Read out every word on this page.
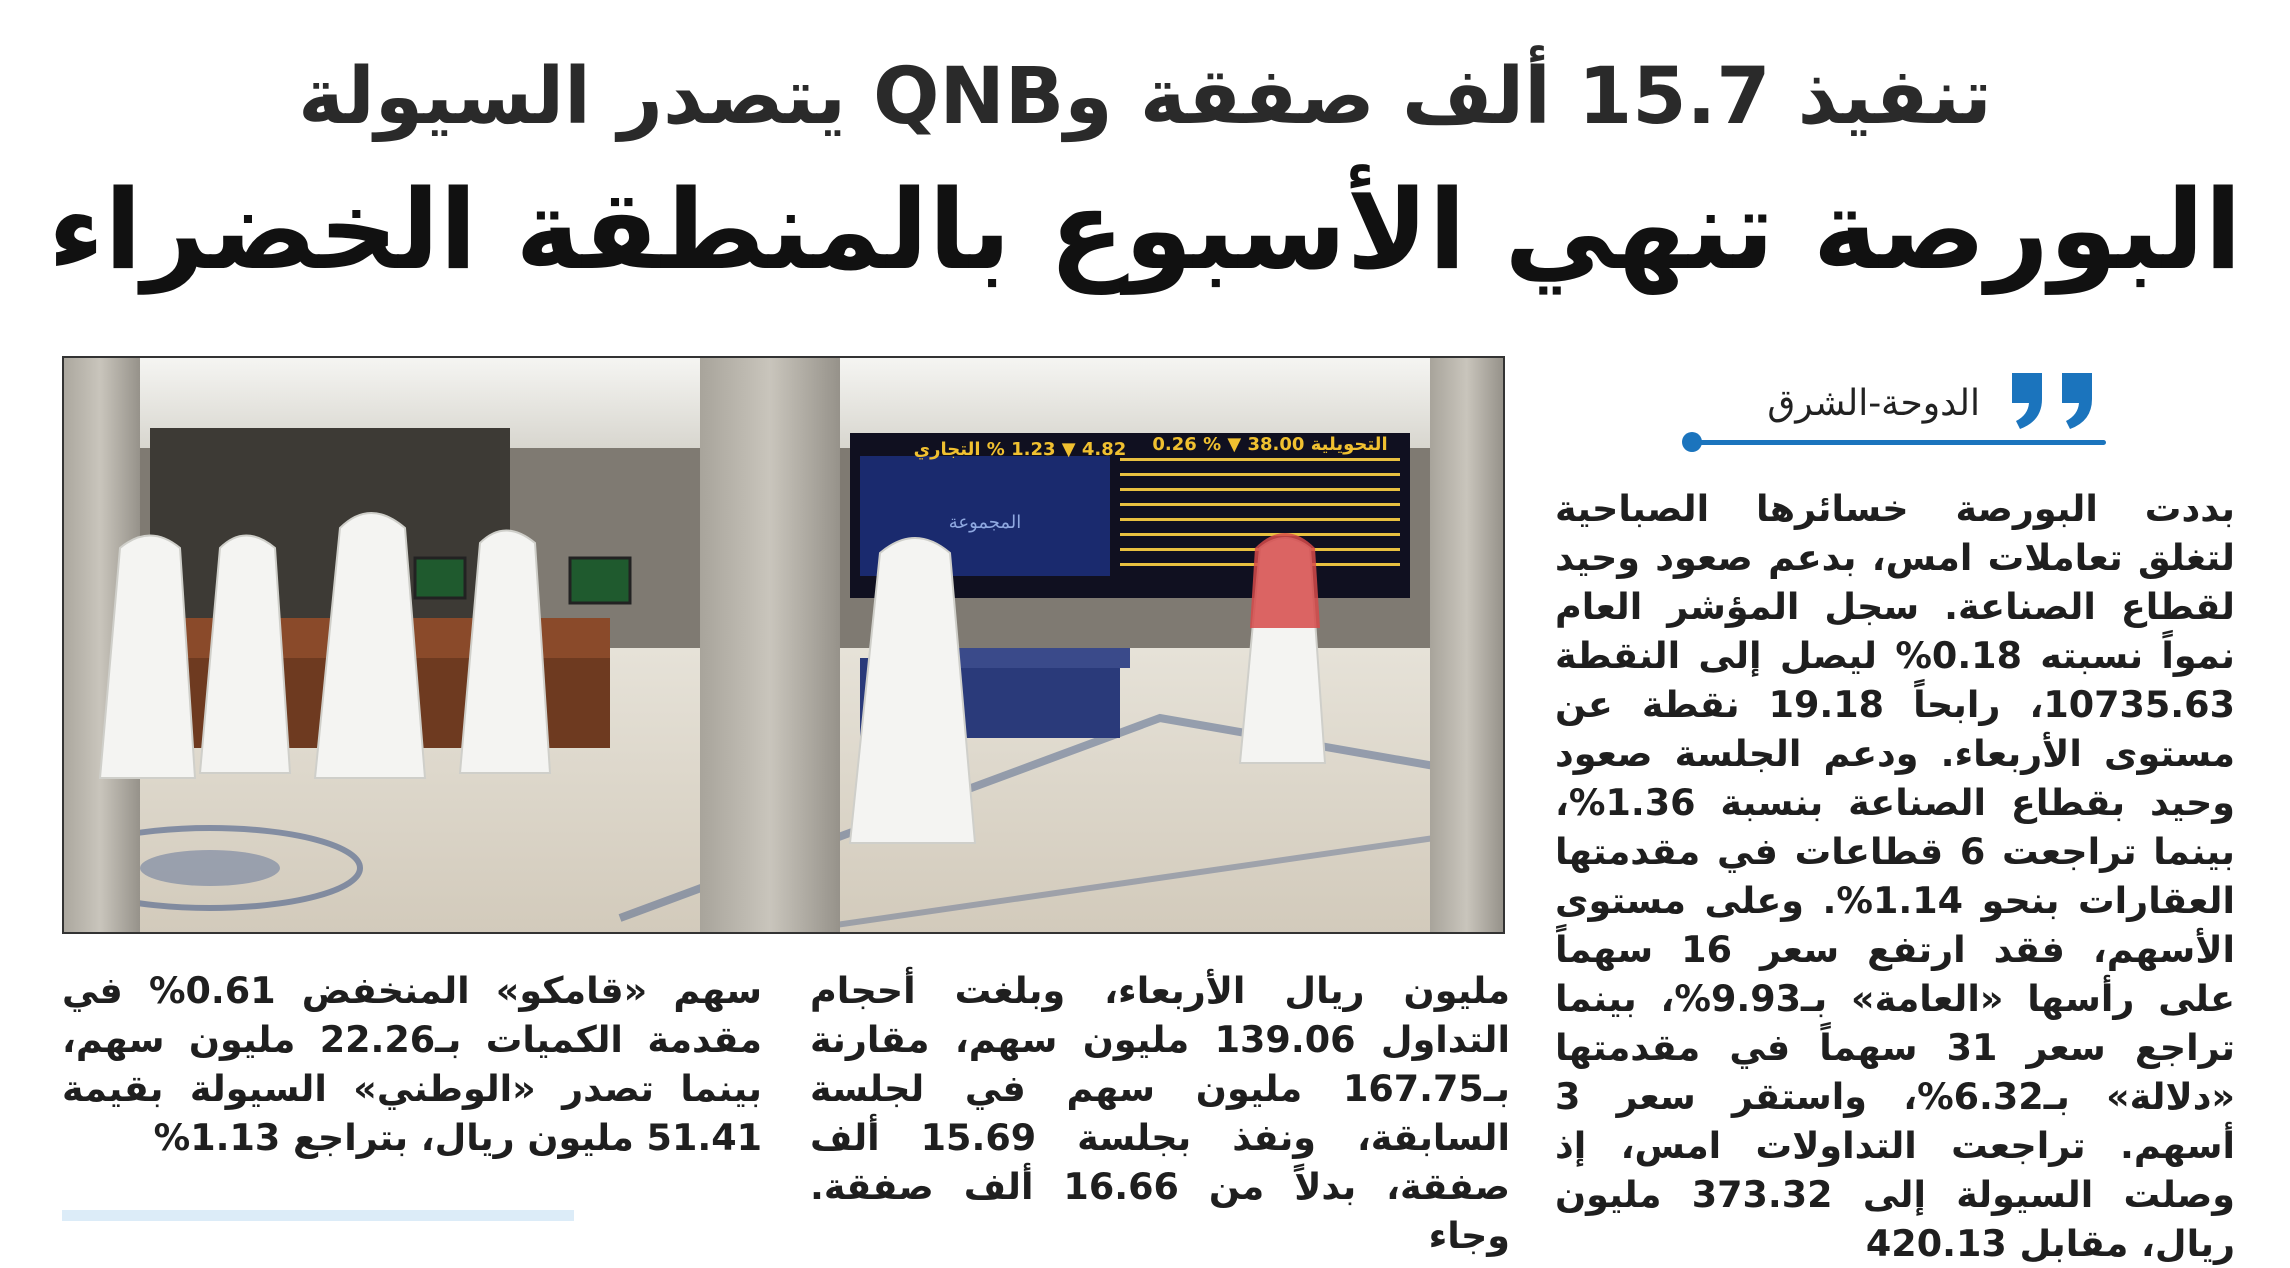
تنفيذ 15.7 ألف صفقة وQNB يتصدر السيولة
البورصة تنهي الأسبوع بالمنطقة الخضراء
4.82 ▼ 1.23 % التجاري التحويلية 38.00 ▼ % 0.26
المجموعة
الدوحة-الشرق

بددت البورصة خسائرها الصباحية لتغلق تعاملات امس، بدعم صعود وحيد لقطاع الصناعة. سجل المؤشر العام نمواً نسبته 0.18% ليصل إلى النقطة 10735.63، رابحاً 19.18 نقطة عن مستوى الأربعاء. ودعم الجلسة صعود وحيد بقطاع الصناعة بنسبة 1.36%، بينما تراجعت 6 قطاعات في مقدمتها العقارات بنحو 1.14%. وعلى مستوى الأسهم، فقد ارتفع سعر 16 سهماً على رأسها «العامة» بـ9.93%، بينما تراجع سعر 31 سهماً في مقدمتها «دلالة» بـ6.32%، واستقر سعر 3 أسهم. تراجعت التداولات امس، إذ وصلت السيولة إلى 373.32 مليون ريال، مقابل 420.13

مليون ريال الأربعاء، وبلغت أحجام التداول 139.06 مليون سهم، مقارنة بـ167.75 مليون سهم في لجلسة السابقة، ونفذ بجلسة 15.69 ألف صفقة، بدلاً من 16.66 ألف صفقة. وجاء

سهم «قامكو» المنخفض 0.61% في مقدمة الكميات بـ22.26 مليون سهم، بينما تصدر «الوطني» السيولة بقيمة 51.41 مليون ريال، بتراجع 1.13%
